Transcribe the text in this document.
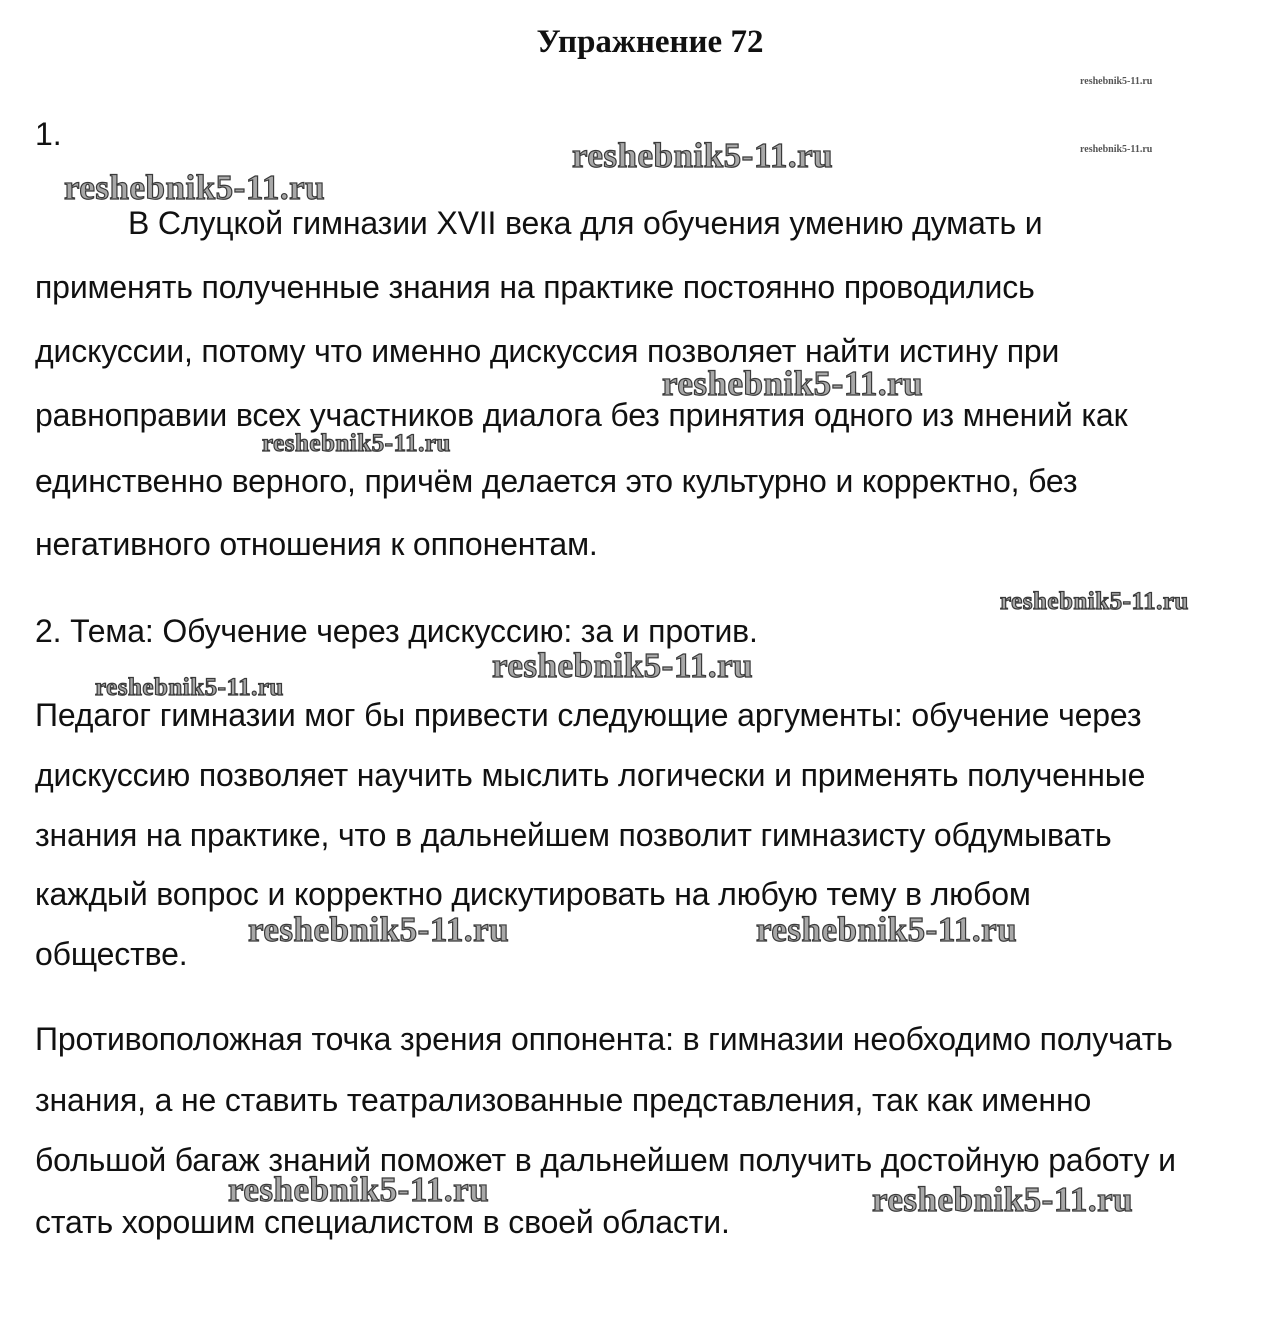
Упражнение 72
1.
В Слуцкой гимназии XVII века для обучения умению думать и
применять полученные знания на практике постоянно проводились
дискуссии, потому что именно дискуссия позволяет найти истину при
равноправии всех участников диалога без принятия одного из мнений как
единственно верного, причём делается это культурно и корректно, без
негативного отношения к оппонентам.
2. Тема: Обучение через дискуссию: за и против.
Педагог гимназии мог бы привести следующие аргументы: обучение через
дискуссию позволяет научить мыслить логически и применять полученные
знания на практике, что в дальнейшем позволит гимназисту обдумывать
каждый вопрос и корректно дискутировать на любую тему в любом
обществе.
Противоположная точка зрения оппонента: в гимназии необходимо получать
знания, а не ставить театрализованные представления, так как именно
большой багаж знаний поможет в дальнейшем получить достойную работу и
стать хорошим специалистом в своей области.
reshebnik5-11.ru
reshebnik5-11.ru
reshebnik5-11.ru
reshebnik5-11.ru
reshebnik5-11.ru
reshebnik5-11.ru
reshebnik5-11.ru
reshebnik5-11.ru
reshebnik5-11.ru
reshebnik5-11.ru	reshebnik5-11.ru
reshebnik5-11.ru	reshebnik5-11.ru
